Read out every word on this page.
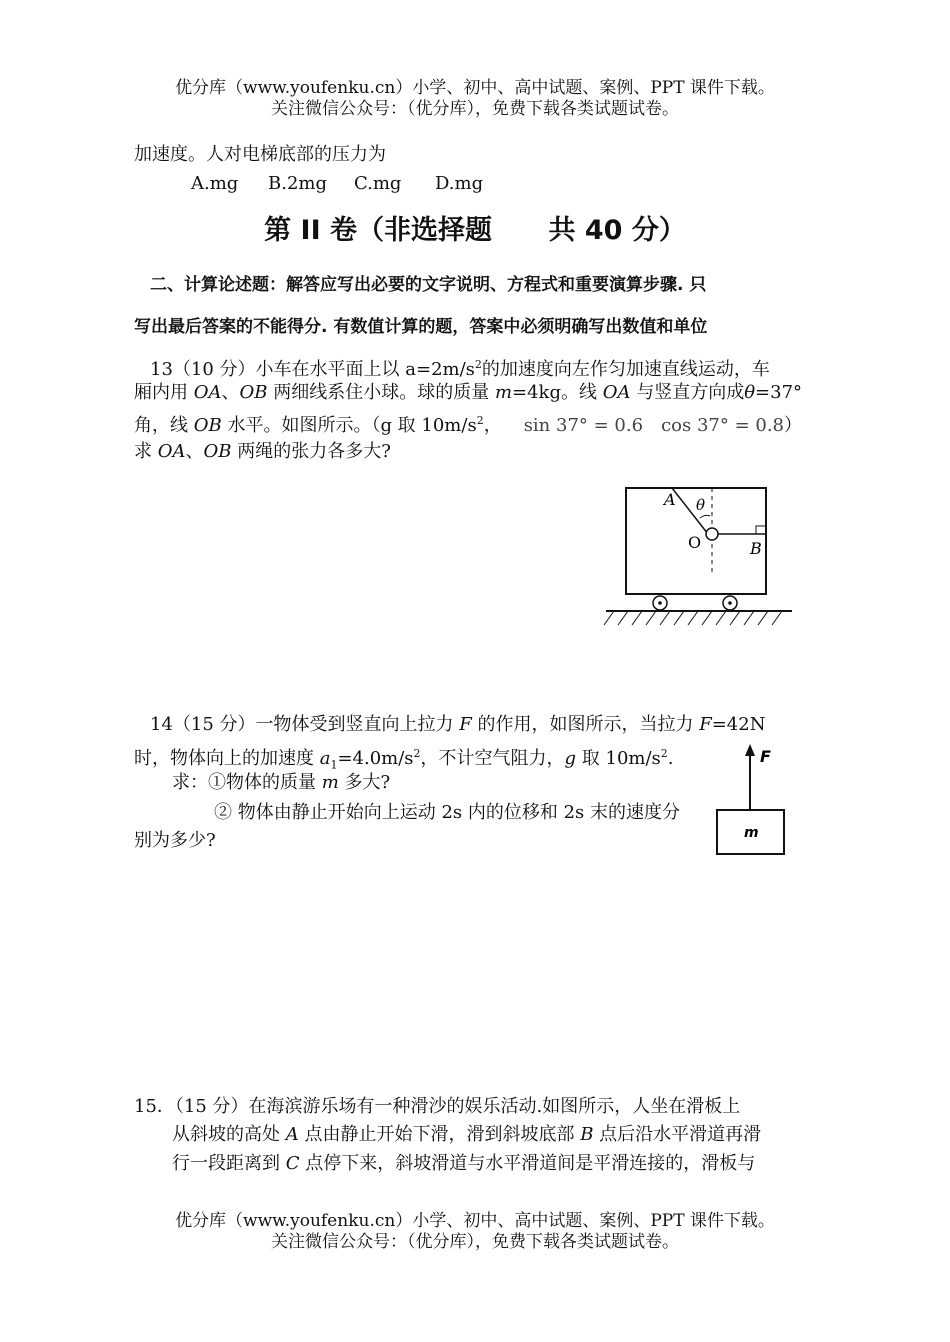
优分库（www.youfenku.cn）小学、初中、高中试题、案例、PPT 课件下载。
关注微信公众号：（优分库），免费下载各类试题试卷。
加速度。人对电梯底部的压力为
A.mg B.2mg C.mg D.mg
第 II 卷（非选择题      共 40 分）
二、计算论述题：解答应写出必要的文字说明、方程式和重要演算步骤. 只
写出最后答案的不能得分. 有数值计算的题，答案中必须明确写出数值和单位
13（10 分）小车在水平面上以 $a=2m/s^2$的加速度向左作匀加速直线运动，车
厢内用 OA、OB 两细线系住小球。球的质量 m=4kg。线 OA 与竖直方向成θ=37°
角，线 OB 水平。如图所示。（g 取 $10m/s^2$， sin 37° = 0.6 cos 37° = 0.8）
求 OA、OB 两绳的张力各多大?
A θ
O	B
14（15 分）一物体受到竖直向上拉力 F 的作用，如图所示，当拉力 F=42N
时，物体向上的加速度 $a_1=4.0m/s^2$，不计空气阻力，g 取 $10m/s^2$.
求：①物体的质量 m 多大?
② 物体由静止开始向上运动 2s 内的位移和 2s 末的速度分
别为多少?
F
m
15．（15 分）在海滨游乐场有一种滑沙的娱乐活动.如图所示，人坐在滑板上
从斜坡的高处 A 点由静止开始下滑，滑到斜坡底部 B 点后沿水平滑道再滑
行一段距离到 C 点停下来，斜坡滑道与水平滑道间是平滑连接的，滑板与
优分库（www.youfenku.cn）小学、初中、高中试题、案例、PPT 课件下载。
关注微信公众号：（优分库），免费下载各类试题试卷。
